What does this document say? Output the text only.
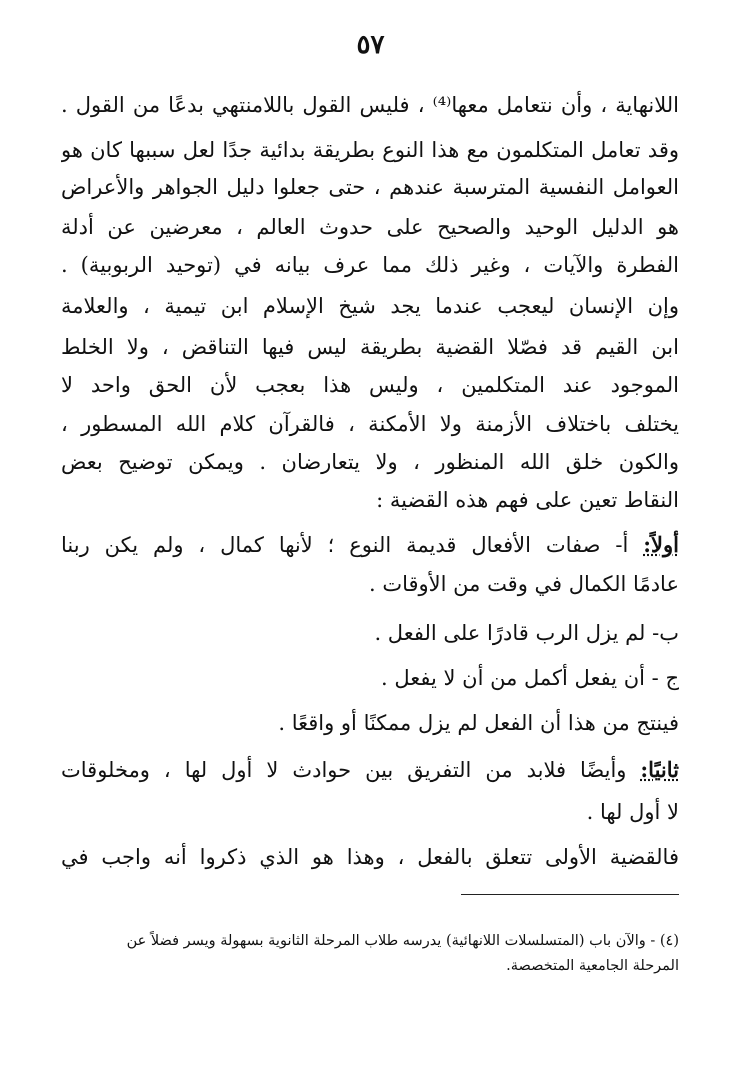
٥٧
اللانهاية ، وأن نتعامل معها⁽⁴⁾ ، فليس القول باللامنتهي بدعًا من القول .
وقد تعامل المتكلمون مع هذا النوع بطريقة بدائية جدًا لعل سببها كان هو
العوامل النفسية المترسبة عندهم ، حتى جعلوا دليل الجواهر والأعراض
هو الدليل الوحيد والصحيح على حدوث العالم ، معرضين عن أدلة
الفطرة والآيات ، وغير ذلك مما عرف بيانه في (توحيد الربوبية) .
وإن الإنسان ليعجب عندما يجد شيخ الإسلام ابن تيمية ، والعلامة
ابن القيم قد فصّلا القضية بطريقة ليس فيها التناقض ، ولا الخلط
الموجود عند المتكلمين ، وليس هذا بعجب لأن الحق واحد لا
يختلف باختلاف الأزمنة ولا الأمكنة ، فالقرآن كلام الله المسطور ،
والكون خلق الله المنظور ، ولا يتعارضان . ويمكن توضيح بعض
النقاط تعين على فهم هذه القضية :
أولاً: أ- صفات الأفعال قديمة النوع ؛ لأنها كمال ، ولم يكن ربنا
عادمًا الكمال في وقت من الأوقات .
ب- لم يزل الرب قادرًا على الفعل .
ج - أن يفعل أكمل من أن لا يفعل .
فينتج من هذا أن الفعل لم يزل ممكنًا أو واقعًا .
ثانيًا: وأيضًا فلابد من التفريق بين حوادث لا أول لها ، ومخلوقات
لا أول لها .
فالقضية الأولى تتعلق بالفعل ، وهذا هو الذي ذكروا أنه واجب في
(٤) - والآن باب (المتسلسلات اللانهائية) يدرسه طلاب المرحلة الثانوية بسهولة ويسر فضلاً عن
المرحلة الجامعية المتخصصة.
